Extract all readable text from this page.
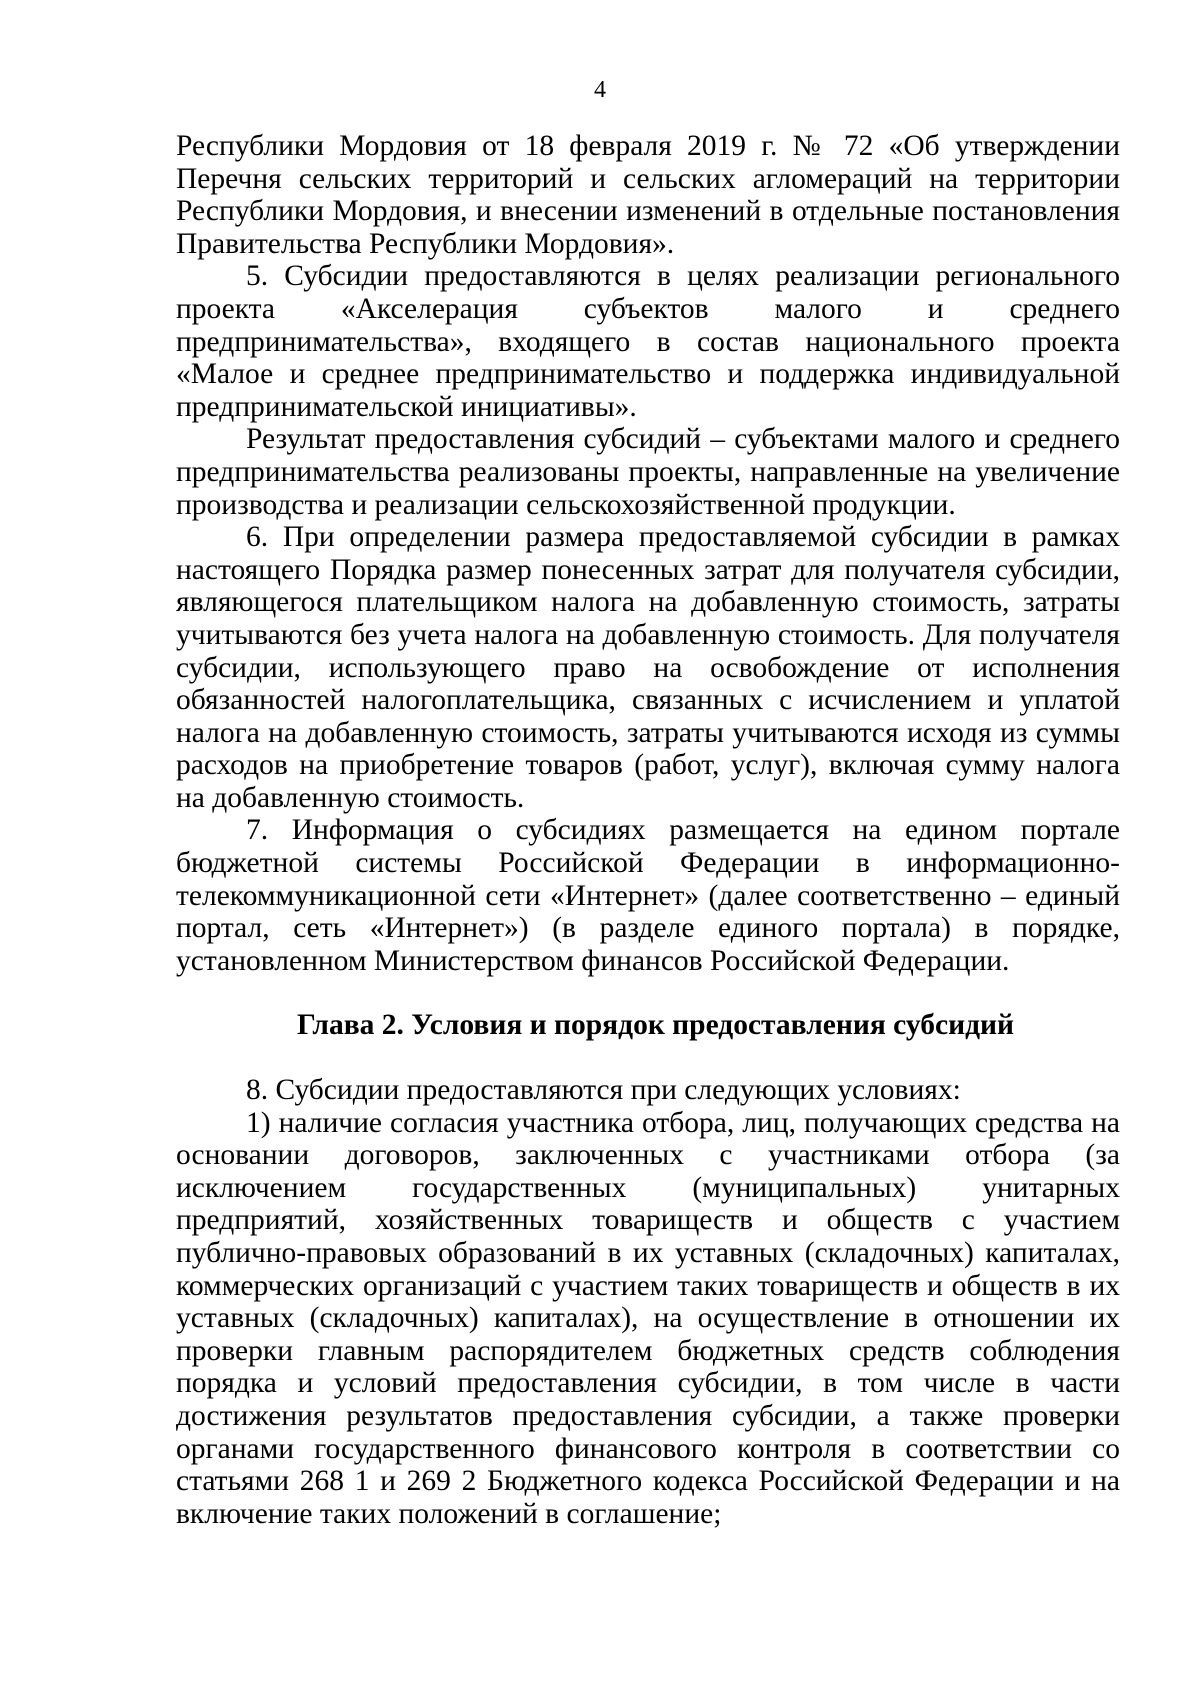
4

Республики Мордовия от 18 февраля 2019 г. № 72 «Об утверждении Перечня сельских территорий и сельских агломераций на территории Республики Мордовия, и внесении изменений в отдельные постановления Правительства Республики Мордовия».

5. Субсидии предоставляются в целях реализации регионального проекта «Акселерация субъектов малого и среднего предпринимательства», входящего в состав национального проекта «Малое и среднее предпринимательство и поддержка индивидуальной предпринимательской инициативы».

Результат предоставления субсидий – субъектами малого и среднего предпринимательства реализованы проекты, направленные на увеличение производства и реализации сельскохозяйственной продукции.

6. При определении размера предоставляемой субсидии в рамках настоящего Порядка размер понесенных затрат для получателя субсидии, являющегося плательщиком налога на добавленную стоимость, затраты учитываются без учета налога на добавленную стоимость. Для получателя субсидии, использующего право на освобождение от исполнения обязанностей налогоплательщика, связанных с исчислением и уплатой налога на добавленную стоимость, затраты учитываются исходя из суммы расходов на приобретение товаров (работ, услуг), включая сумму налога на добавленную стоимость.

7. Информация о субсидиях размещается на едином портале бюджетной системы Российской Федерации в информационно-телекоммуникационной сети «Интернет» (далее соответственно – единый портал, сеть «Интернет») (в разделе единого портала) в порядке, установленном Министерством финансов Российской Федерации.

Глава 2. Условия и порядок предоставления субсидий

8. Субсидии предоставляются при следующих условиях:

1) наличие согласия участника отбора, лиц, получающих средства на основании договоров, заключенных с участниками отбора (за исключением государственных (муниципальных) унитарных предприятий, хозяйственных товариществ и обществ с участием публично-правовых образований в их уставных (складочных) капиталах, коммерческих организаций с участием таких товариществ и обществ в их уставных (складочных) капиталах), на осуществление в отношении их проверки главным распорядителем бюджетных средств соблюдения порядка и условий предоставления субсидии, в том числе в части достижения результатов предоставления субсидии, а также проверки органами государственного финансового контроля в соответствии со статьями 268 1 и 269 2 Бюджетного кодекса Российской Федерации и на включение таких положений в соглашение;
